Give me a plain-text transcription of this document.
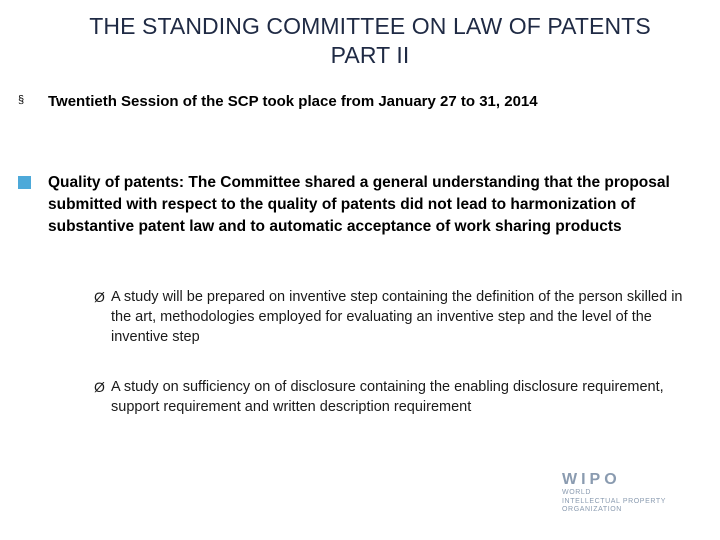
THE STANDING COMMITTEE ON LAW OF PATENTS
PART II
§ Twentieth Session of the SCP took place from January 27 to 31, 2014
Quality of patents: The Committee shared a general understanding that the proposal submitted with respect to the quality of patents did not lead to harmonization of substantive patent law and to automatic acceptance of work sharing products
Ø A study will be prepared on inventive step containing the definition of the person skilled in the art, methodologies employed for evaluating an inventive step and the level of the inventive step
Ø A study on sufficiency on of disclosure containing the enabling disclosure requirement, support requirement and written description requirement
WIPO
WORLD
INTELLECTUAL PROPERTY
ORGANIZATION
